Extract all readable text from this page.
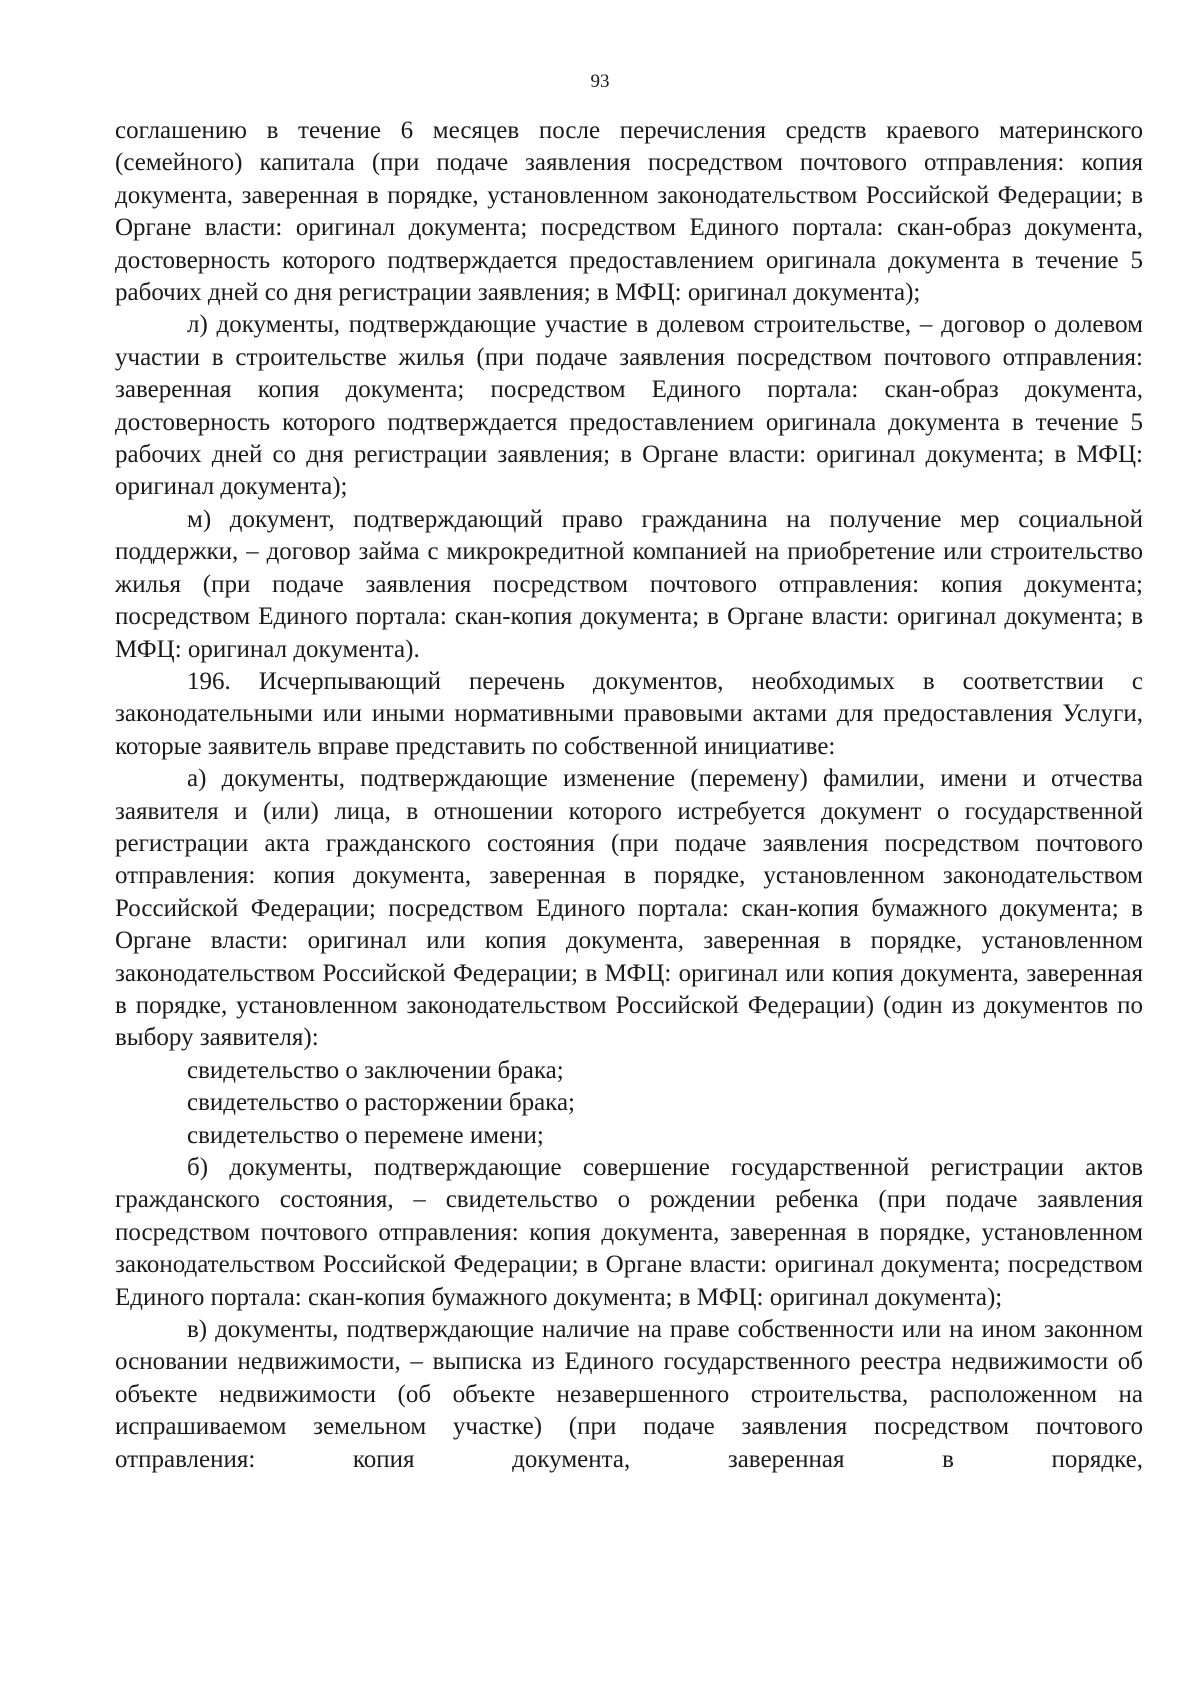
93

соглашению в течение 6 месяцев после перечисления средств краевого материнского (семейного) капитала (при подаче заявления посредством почтового отправления: копия документа, заверенная в порядке, установленном законодательством Российской Федерации; в Органе власти: оригинал документа; посредством Единого портала: скан-образ документа, достоверность которого подтверждается предоставлением оригинала документа в течение 5 рабочих дней со дня регистрации заявления; в МФЦ: оригинал документа);

л) документы, подтверждающие участие в долевом строительстве, – договор о долевом участии в строительстве жилья (при подаче заявления посредством почтового отправления: заверенная копия документа; посредством Единого портала: скан-образ документа, достоверность которого подтверждается предоставлением оригинала документа в течение 5 рабочих дней со дня регистрации заявления; в Органе власти: оригинал документа; в МФЦ: оригинал документа);

м) документ, подтверждающий право гражданина на получение мер социальной поддержки, – договор займа с микрокредитной компанией на приобретение или строительство жилья (при подаче заявления посредством почтового отправления: копия документа; посредством Единого портала: скан-копия документа; в Органе власти: оригинал документа; в МФЦ: оригинал документа).

196. Исчерпывающий перечень документов, необходимых в соответствии с законодательными или иными нормативными правовыми актами для предоставления Услуги, которые заявитель вправе представить по собственной инициативе:

а) документы, подтверждающие изменение (перемену) фамилии, имени и отчества заявителя и (или) лица, в отношении которого истребуется документ о государственной регистрации акта гражданского состояния (при подаче заявления посредством почтового отправления: копия документа, заверенная в порядке, установленном законодательством Российской Федерации; посредством Единого портала: скан-копия бумажного документа; в Органе власти: оригинал или копия документа, заверенная в порядке, установленном законодательством Российской Федерации; в МФЦ: оригинал или копия документа, заверенная в порядке, установленном законодательством Российской Федерации) (один из документов по выбору заявителя):

свидетельство о заключении брака;

свидетельство о расторжении брака;

свидетельство о перемене имени;

б) документы, подтверждающие совершение государственной регистрации актов гражданского состояния, – свидетельство о рождении ребенка (при подаче заявления посредством почтового отправления: копия документа, заверенная в порядке, установленном законодательством Российской Федерации; в Органе власти: оригинал документа; посредством Единого портала: скан-копия бумажного документа; в МФЦ: оригинал документа);

в) документы, подтверждающие наличие на праве собственности или на ином законном основании недвижимости, – выписка из Единого государственного реестра недвижимости об объекте недвижимости (об объекте незавершенного строительства, расположенном на испрашиваемом земельном участке) (при подаче заявления посредством почтового отправления: копия документа, заверенная в порядке,
